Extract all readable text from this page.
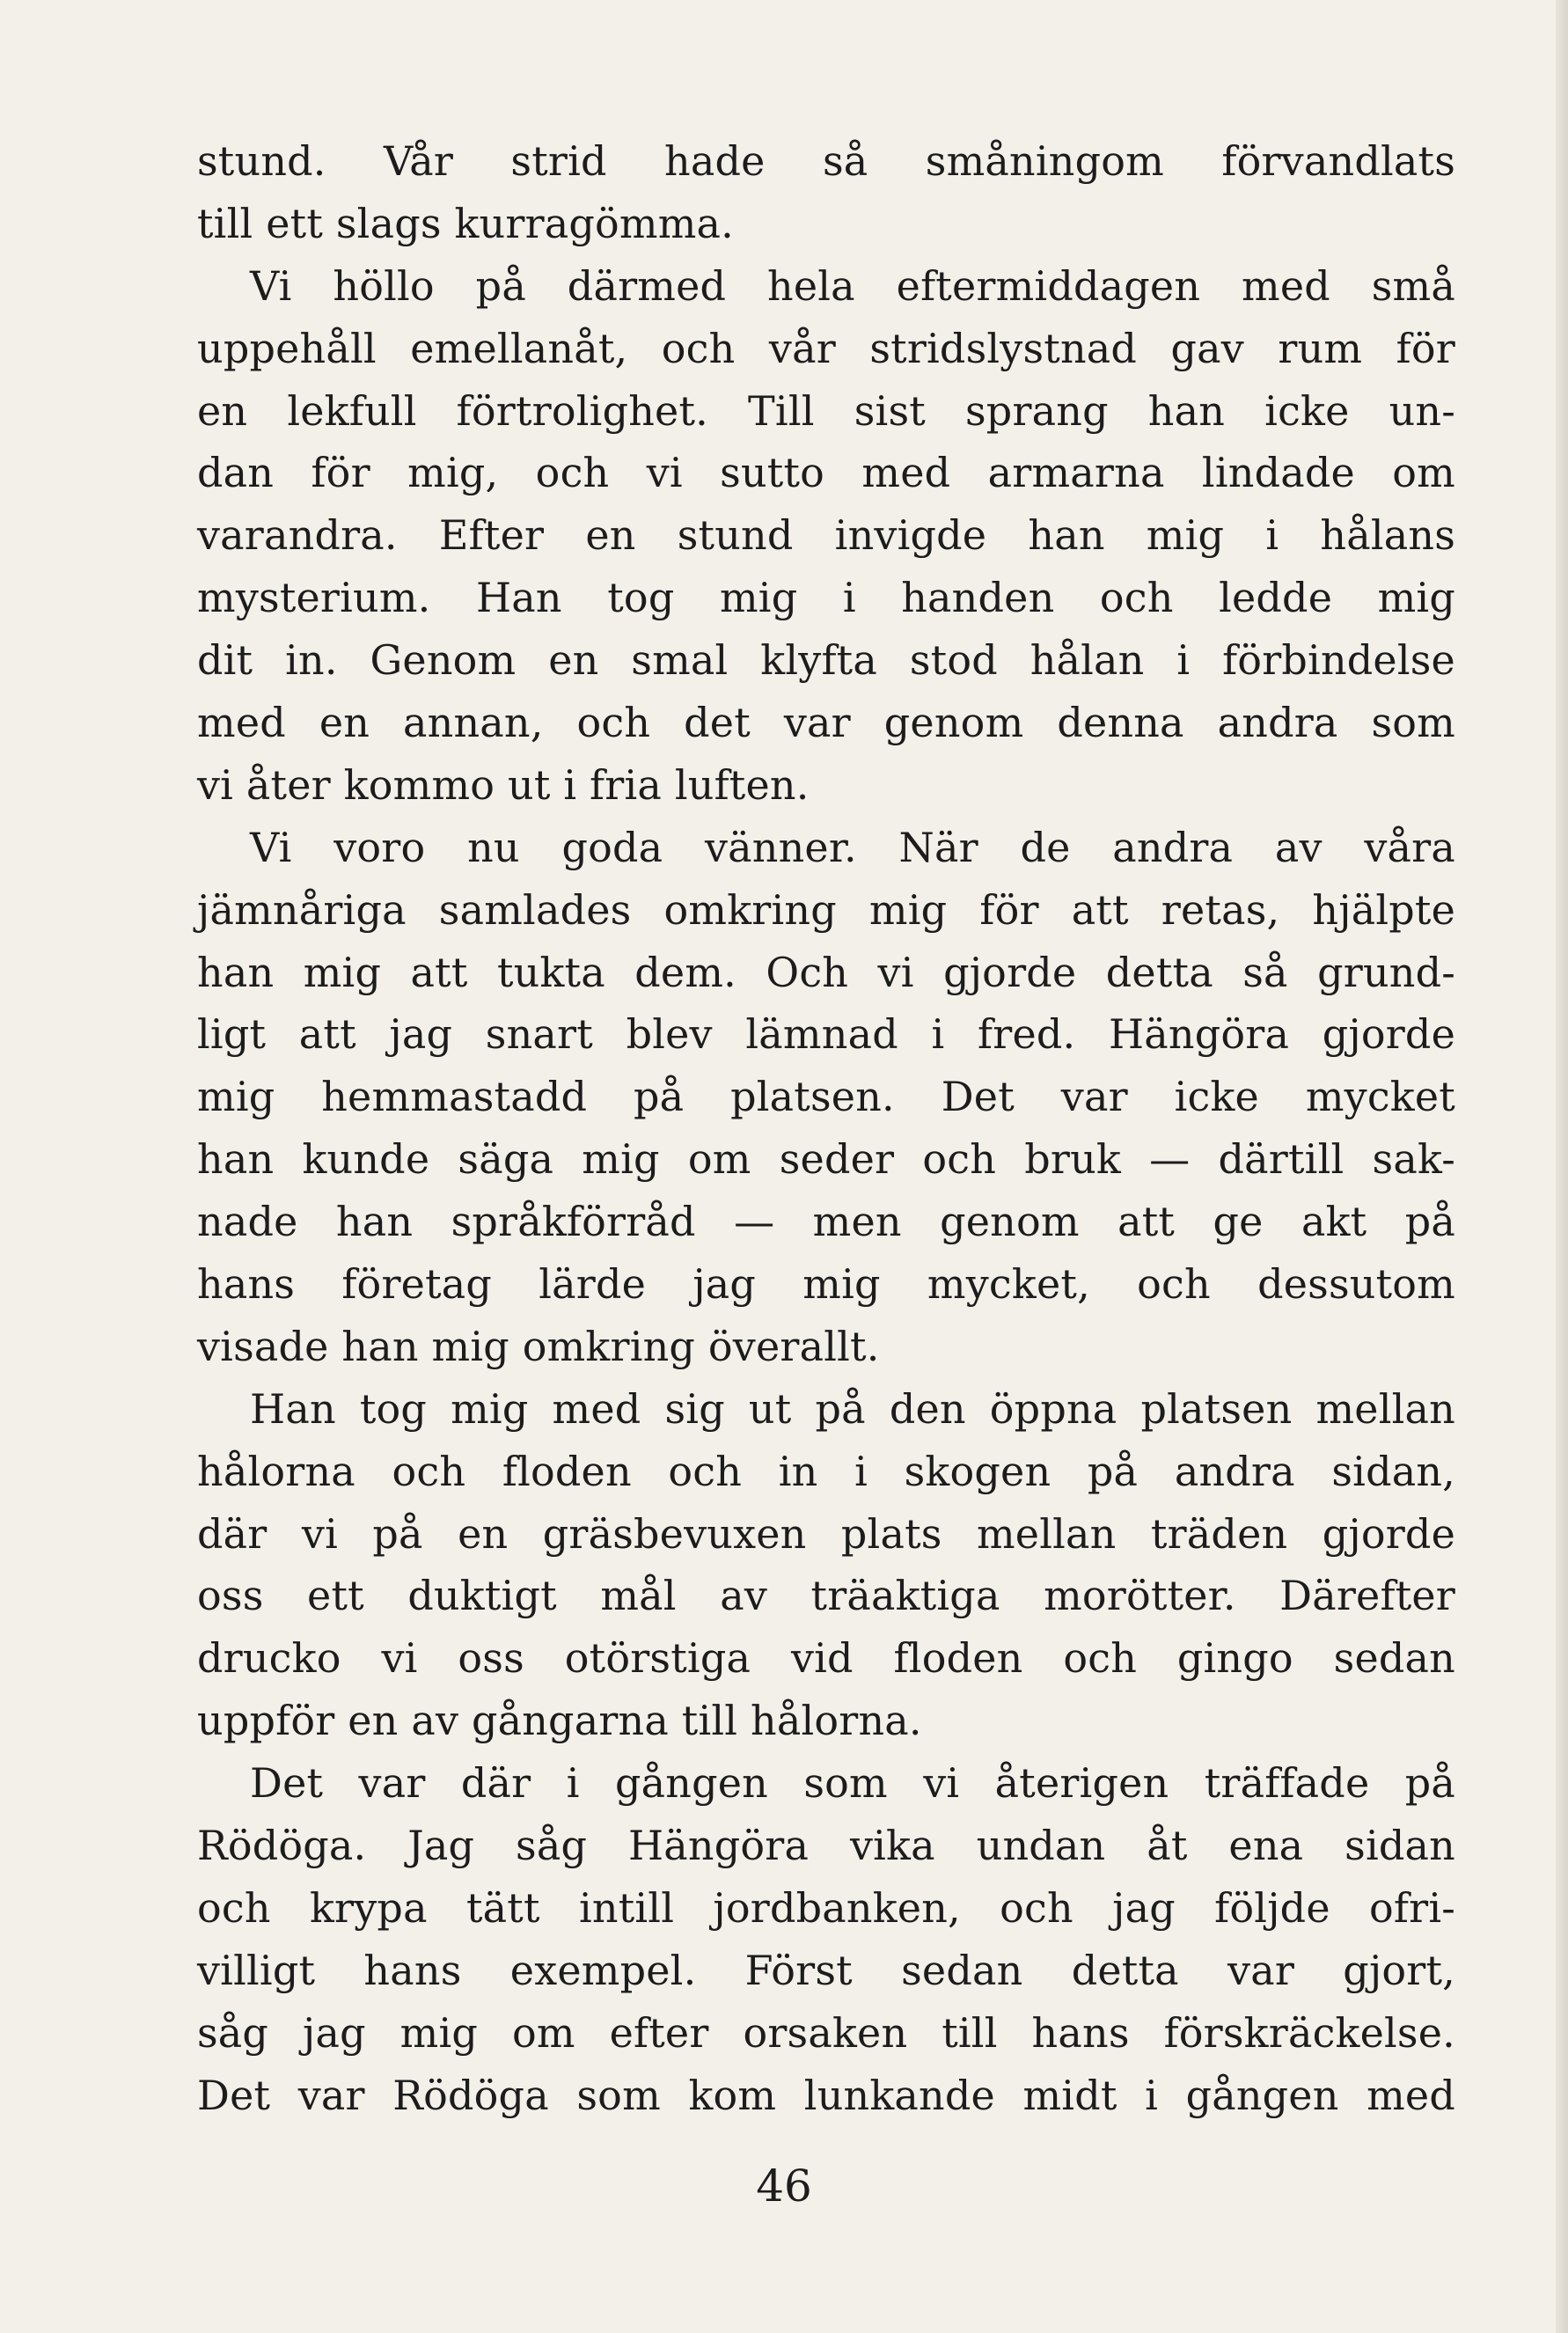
stund. Vår strid hade så småningom förvandlats
till ett slags kurragömma.
Vi höllo på därmed hela eftermiddagen med små
uppehåll emellanåt, och vår stridslystnad gav rum för
en lekfull förtrolighet. Till sist sprang han icke un-
dan för mig, och vi sutto med armarna lindade om
varandra. Efter en stund invigde han mig i hålans
mysterium. Han tog mig i handen och ledde mig
dit in. Genom en smal klyfta stod hålan i förbindelse
med en annan, och det var genom denna andra som
vi åter kommo ut i fria luften.
Vi voro nu goda vänner. När de andra av våra
jämnåriga samlades omkring mig för att retas, hjälpte
han mig att tukta dem. Och vi gjorde detta så grund-
ligt att jag snart blev lämnad i fred. Hängöra gjorde
mig hemmastadd på platsen. Det var icke mycket
han kunde säga mig om seder och bruk — därtill sak-
nade han språkförråd — men genom att ge akt på
hans företag lärde jag mig mycket, och dessutom
visade han mig omkring överallt.
Han tog mig med sig ut på den öppna platsen mellan
hålorna och floden och in i skogen på andra sidan,
där vi på en gräsbevuxen plats mellan träden gjorde
oss ett duktigt mål av träaktiga morötter. Därefter
drucko vi oss otörstiga vid floden och gingo sedan
uppför en av gångarna till hålorna.
Det var där i gången som vi återigen träffade på
Rödöga. Jag såg Hängöra vika undan åt ena sidan
och krypa tätt intill jordbanken, och jag följde ofri-
villigt hans exempel. Först sedan detta var gjort,
såg jag mig om efter orsaken till hans förskräckelse.
Det var Rödöga som kom lunkande midt i gången med
46
